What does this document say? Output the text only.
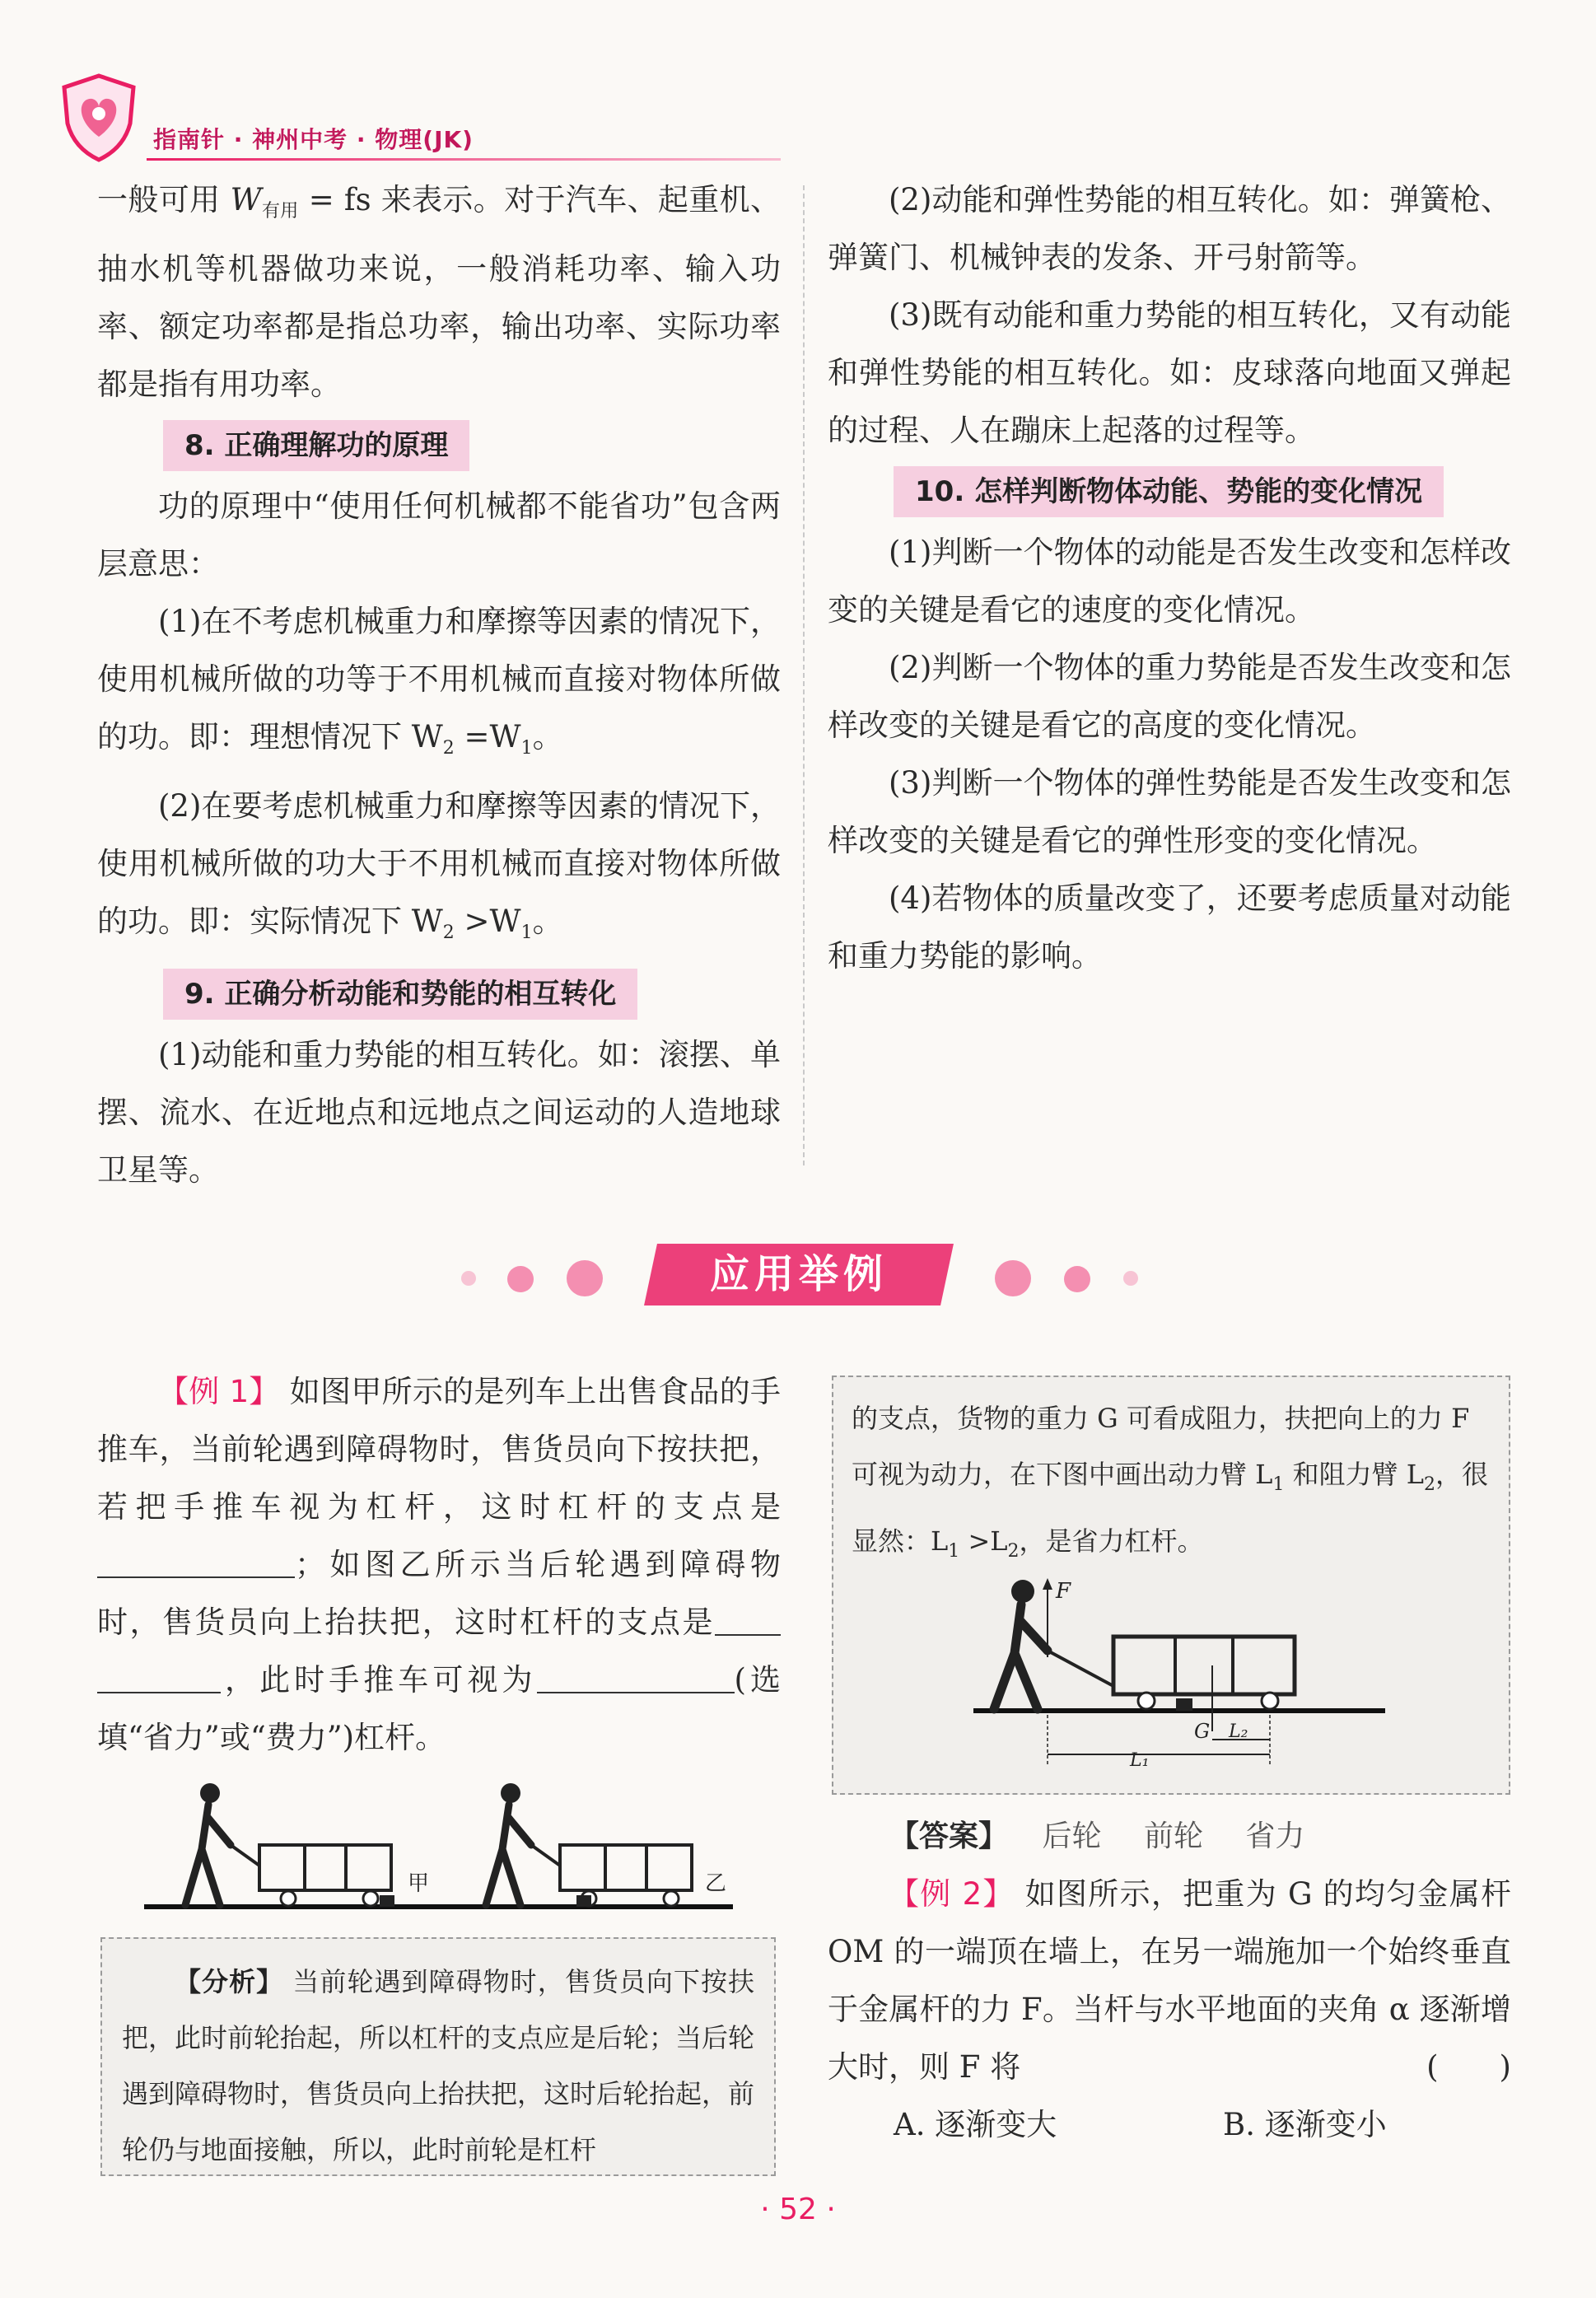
指南针 · 神州中考 · 物理(JK)

一般可用 $W_{有用}$ = fs 来表示。对于汽车、起重机、抽水机等机器做功来说，一般消耗功率、输入功率、额定功率都是指总功率，输出功率、实际功率都是指有用功率。

8. 正确理解功的原理

功的原理中“使用任何机械都不能省功”包含两层意思：

(1)在不考虑机械重力和摩擦等因素的情况下，使用机械所做的功等于不用机械而直接对物体所做的功。即：理想情况下 $W_2 =W_1$。

(2)在要考虑机械重力和摩擦等因素的情况下，使用机械所做的功大于不用机械而直接对物体所做的功。即：实际情况下 $W_2 >W_1$。

9. 正确分析动能和势能的相互转化

(1)动能和重力势能的相互转化。如：滚摆、单摆、流水、在近地点和远地点之间运动的人造地球卫星等。

(2)动能和弹性势能的相互转化。如：弹簧枪、弹簧门、机械钟表的发条、开弓射箭等。

(3)既有动能和重力势能的相互转化，又有动能和弹性势能的相互转化。如：皮球落向地面又弹起的过程、人在蹦床上起落的过程等。

10. 怎样判断物体动能、势能的变化情况

(1)判断一个物体的动能是否发生改变和怎样改变的关键是看它的速度的变化情况。

(2)判断一个物体的重力势能是否发生改变和怎样改变的关键是看它的高度的变化情况。

(3)判断一个物体的弹性势能是否发生改变和怎样改变的关键是看它的弹性形变的变化情况。

(4)若物体的质量改变了，还要考虑质量对动能和重力势能的影响。

应用举例

【例 1】 如图甲所示的是列车上出售食品的手推车，当前轮遇到障碍物时，售货员向下按扶把，若把手推车视为杠杆，这时杠杆的支点是；如图乙所示当后轮遇到障碍物时，售货员向上抬扶把，这时杠杆的支点是，此时手推车可视为	(选填“省力”或“费力”)杠杆。

甲	乙

【分析】 当前轮遇到障碍物时，售货员向下按扶把，此时前轮抬起，所以杠杆的支点应是后轮；当后轮遇到障碍物时，售货员向上抬扶把，这时后轮抬起，前轮仍与地面接触，所以，此时前轮是杠杆

的支点，货物的重力 G 可看成阻力，扶把向上的力 F 可视为动力，在下图中画出动力臂 $L_1$ 和阻力臂 $L_2$，很显然：$L_1 >L_2$，是省力杠杆。

F
G
L₁
L₂
【答案】 后轮 前轮 省力

【例 2】 如图所示，把重为 G 的均匀金属杆 OM 的一端顶在墙上，在另一端施加一个始终垂直于金属杆的力 F。当杆与水平地面的夹角 α 逐渐增大时，则 F 将	(　　)

A. 逐渐变大	B. 逐渐变小
· 52 ·
